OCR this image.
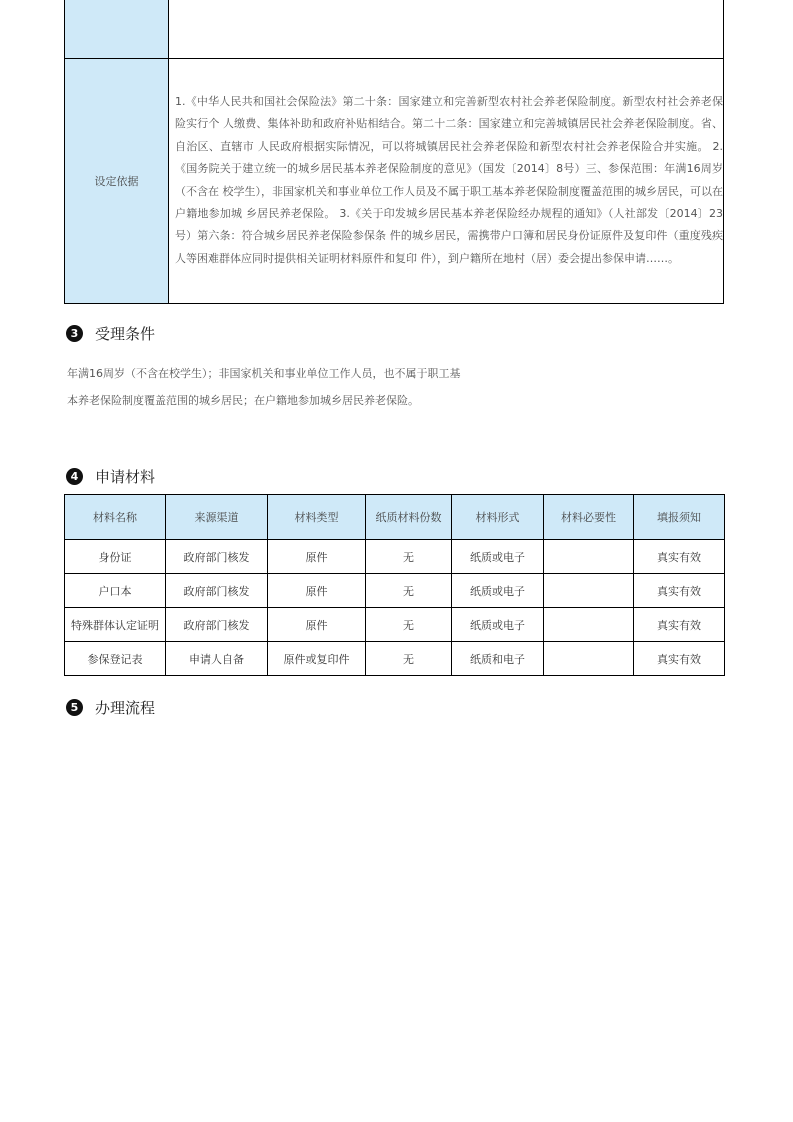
设定依据	1.《中华人民共和国社会保险法》第二十条：国家建立和完善新型农村社会养老保险制度。新型农村社会养老保险实行个 人缴费、集体补助和政府补贴相结合。第二十二条：国家建立和完善城镇居民社会养老保险制度。省、自治区、直辖市 人民政府根据实际情况，可以将城镇居民社会养老保险和新型农村社会养老保险合并实施。 2.《国务院关于建立统一的城乡居民基本养老保险制度的意见》（国发〔2014〕8号）三、参保范围：年满16周岁（不含在 校学生），非国家机关和事业单位工作人员及不属于职工基本养老保险制度覆盖范围的城乡居民，可以在户籍地参加城 乡居民养老保险。 3.《关于印发城乡居民基本养老保险经办规程的通知》（人社部发〔2014〕23号）第六条：符合城乡居民养老保险参保条 件的城乡居民，需携带户口簿和居民身份证原件及复印件（重度残疾人等困难群体应同时提供相关证明材料原件和复印 件），到户籍所在地村（居）委会提出参保申请……。
3	受理条件
年满16周岁（不含在校学生）；非国家机关和事业单位工作人员，也不属于职工基本养老保险制度覆盖范围的城乡居民；在户籍地参加城乡居民养老保险。
4	申请材料
材料名称	来源渠道	材料类型	纸质材料份数	材料形式	材料必要性	填报须知
身份证	政府部门核发	原件	无	纸质或电子		真实有效
户口本	政府部门核发	原件	无	纸质或电子		真实有效
特殊群体认定证明	政府部门核发	原件	无	纸质或电子		真实有效
参保登记表	申请人自备	原件或复印件	无	纸质和电子		真实有效
5	办理流程
